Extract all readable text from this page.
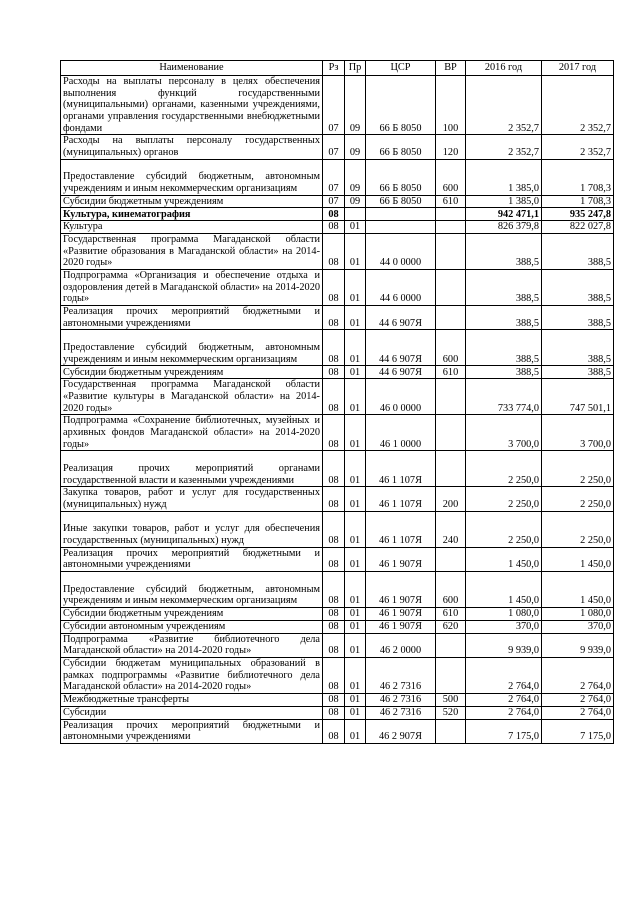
Наименование	Рз	Пр	ЦСР	ВР	2016 год	2017 год
Расходы на выплаты персоналу в целях обеспечения выполнения функций государственными (муниципальными) органами, казенными учреждениями, органами управления государственными внебюджетными фондами	07	09	66 Б 8050	100	2 352,7	2 352,7
Расходы на выплаты персоналу государственных (муниципальных) органов	07	09	66 Б 8050	120	2 352,7	2 352,7
Предоставление субсидий бюджетным, автономным учреждениям и иным некоммерческим организациям	07	09	66 Б 8050	600	1 385,0	1 708,3
Субсидии бюджетным учреждениям	07	09	66 Б 8050	610	1 385,0	1 708,3
Культура, кинематография	08				942 471,1	935 247,8
Культура	08	01			826 379,8	822 027,8
Государственная программа Магаданской области «Развитие образования в Магаданской области» на 2014-2020 годы»	08	01	44 0 0000		388,5	388,5
Подпрограмма «Организация и обеспечение отдыха и оздоровления детей в Магаданской области» на 2014-2020 годы»	08	01	44 6 0000		388,5	388,5
Реализация прочих мероприятий бюджетными и автономными учреждениями	08	01	44 6 907Я		388,5	388,5
Предоставление субсидий бюджетным, автономным учреждениям и иным некоммерческим организациям	08	01	44 6 907Я	600	388,5	388,5
Субсидии бюджетным учреждениям	08	01	44 6 907Я	610	388,5	388,5
Государственная программа Магаданской области «Развитие культуры в Магаданской области» на 2014-2020 годы»	08	01	46 0 0000		733 774,0	747 501,1
Подпрограмма «Сохранение библиотечных, музейных и архивных фондов Магаданской области» на 2014-2020 годы»	08	01	46 1 0000		3 700,0	3 700,0
Реализация прочих мероприятий органами государственной власти и казенными учреждениями	08	01	46 1 107Я		2 250,0	2 250,0
Закупка товаров, работ и услуг для государственных (муниципальных) нужд	08	01	46 1 107Я	200	2 250,0	2 250,0
Иные закупки товаров, работ и услуг для обеспечения государственных (муниципальных) нужд	08	01	46 1 107Я	240	2 250,0	2 250,0
Реализация прочих мероприятий бюджетными и автономными учреждениями	08	01	46 1 907Я		1 450,0	1 450,0
Предоставление субсидий бюджетным, автономным учреждениям и иным некоммерческим организациям	08	01	46 1 907Я	600	1 450,0	1 450,0
Субсидии бюджетным учреждениям	08	01	46 1 907Я	610	1 080,0	1 080,0
Субсидии автономным учреждениям	08	01	46 1 907Я	620	370,0	370,0
Подпрограмма «Развитие библиотечного дела Магаданской области» на 2014-2020 годы»	08	01	46 2 0000		9 939,0	9 939,0
Субсидии бюджетам муниципальных образований в рамках подпрограммы «Развитие библиотечного дела Магаданской области» на 2014-2020 годы»	08	01	46 2 7316		2 764,0	2 764,0
Межбюджетные трансферты	08	01	46 2 7316	500	2 764,0	2 764,0
Субсидии	08	01	46 2 7316	520	2 764,0	2 764,0
Реализация прочих мероприятий бюджетными и автономными учреждениями	08	01	46 2 907Я		7 175,0	7 175,0
